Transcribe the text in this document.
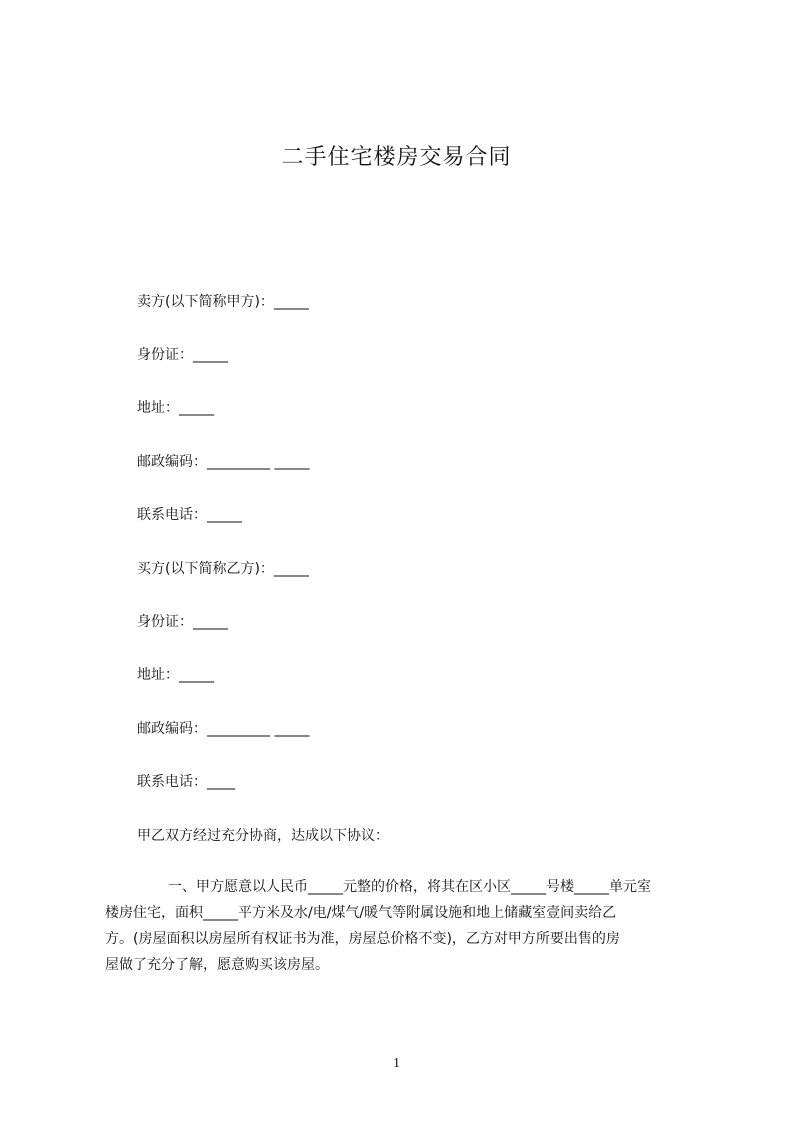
二手住宅楼房交易合同
卖方(以下简称甲方)：_____
身份证：_____
地址：_____
邮政编码：_________ _____
联系电话：_____
买方(以下简称乙方)：_____
身份证：_____
地址：_____
邮政编码：_________ _____
联系电话：____
甲乙双方经过充分协商，达成以下协议：
一、甲方愿意以人民币_____元整的价格，将其在区小区_____号楼_____单元室
楼房住宅，面积_____平方米及水/电/煤气/暖气等附属设施和地上储藏室壹间卖给乙
方。(房屋面积以房屋所有权证书为准，房屋总价格不变)，乙方对甲方所要出售的房
屋做了充分了解，愿意购买该房屋。
1
